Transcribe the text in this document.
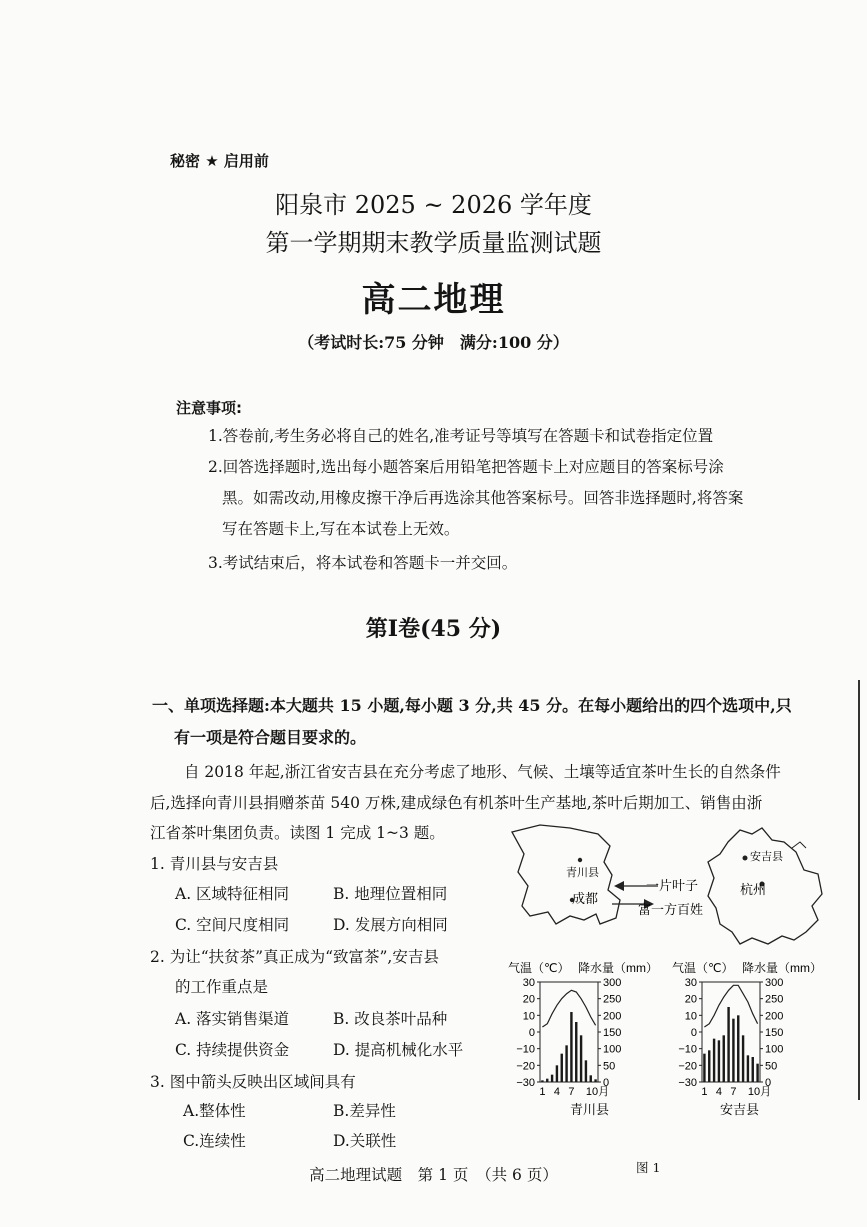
秘密 ★ 启用前
阳泉市 2025 ~ 2026 学年度
第一学期期末教学质量监测试题
高二地理
（考试时长:75 分钟　满分:100 分）
注意事项:
1.答卷前,考生务必将自己的姓名,准考证号等填写在答题卡和试卷指定位置
2.回答选择题时,选出每小题答案后用铅笔把答题卡上对应题目的答案标号涂
黑。如需改动,用橡皮擦干净后再选涂其他答案标号。回答非选择题时,将答案
写在答题卡上,写在本试卷上无效。
3.考试结束后，将本试卷和答题卡一并交回。
第Ⅰ卷(45 分)
一、单项选择题:本大题共 15 小题,每小题 3 分,共 45 分。在每小题给出的四个选项中,只
有一项是符合题目要求的。
自 2018 年起,浙江省安吉县在充分考虑了地形、气候、土壤等适宜茶叶生长的自然条件
后,选择向青川县捐赠茶苗 540 万株,建成绿色有机茶叶生产基地,茶叶后期加工、销售由浙
江省茶叶集团负责。读图 1 完成 1~3 题。
1. 青川县与安吉县
A. 区域特征相同	B. 地理位置相同
C. 空间尺度相同	D. 发展方向相同
2. 为让“扶贫茶”真正成为“致富茶”,安吉县
的工作重点是
A. 落实销售渠道	B. 改良茶叶品种
C. 持续提供资金	D. 提高机械化水平
3. 图中箭头反映出区域间具有
A.整体性	B.差异性
C.连续性	D.关联性
青川县
成都
安吉县
杭州
一片叶子
富一方百姓
气温（℃） 降水量（mm） 气温（℃） 降水量（mm）
30
20
10
0
−10
−20
−30
300
250
200
150
100
50
0
1 4 7 10月
30
20
10
0
−10
−20
−30
300
250
200
150
100
50
0
1 4 7 10月
青川县	安吉县
图 1
高二地理试题　第 1 页　（共 6 页）
